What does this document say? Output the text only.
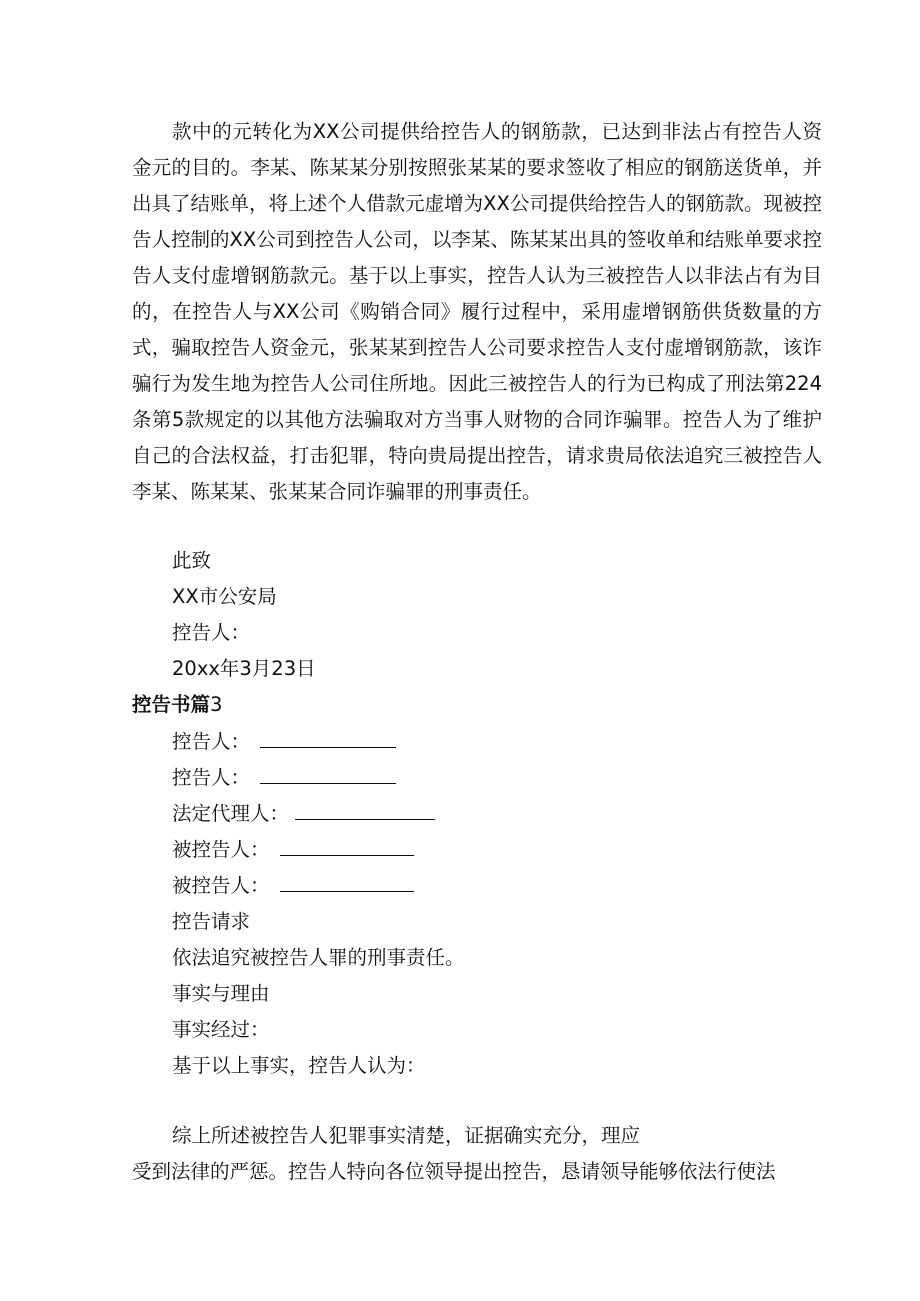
款中的元转化为XX公司提供给控告人的钢筋款，已达到非法占有控告人资金元的目的。李某、陈某某分别按照张某某的要求签收了相应的钢筋送货单，并出具了结账单，将上述个人借款元虚增为XX公司提供给控告人的钢筋款。现被控告人控制的XX公司到控告人公司，以李某、陈某某出具的签收单和结账单要求控告人支付虚增钢筋款元。基于以上事实，控告人认为三被控告人以非法占有为目的，在控告人与XX公司《购销合同》履行过程中，采用虚增钢筋供货数量的方式，骗取控告人资金元，张某某到控告人公司要求控告人支付虚增钢筋款，该诈骗行为发生地为控告人公司住所地。因此三被控告人的行为已构成了刑法第224条第5款规定的以其他方法骗取对方当事人财物的合同诈骗罪。控告人为了维护自己的合法权益，打击犯罪，特向贵局提出控告，请求贵局依法追究三被控告人李某、陈某某、张某某合同诈骗罪的刑事责任。

此致
XX市公安局
控告人：
20xx年3月23日
控告书篇3
控告人：
控告人：
法定代理人：
被控告人：
被控告人：
控告请求
依法追究被控告人罪的刑事责任。
事实与理由
事实经过：
基于以上事实，控告人认为：
综上所述被控告人犯罪事实清楚，证据确实充分，理应
受到法律的严惩。控告人特向各位领导提出控告，恳请领导能够依法行使法
